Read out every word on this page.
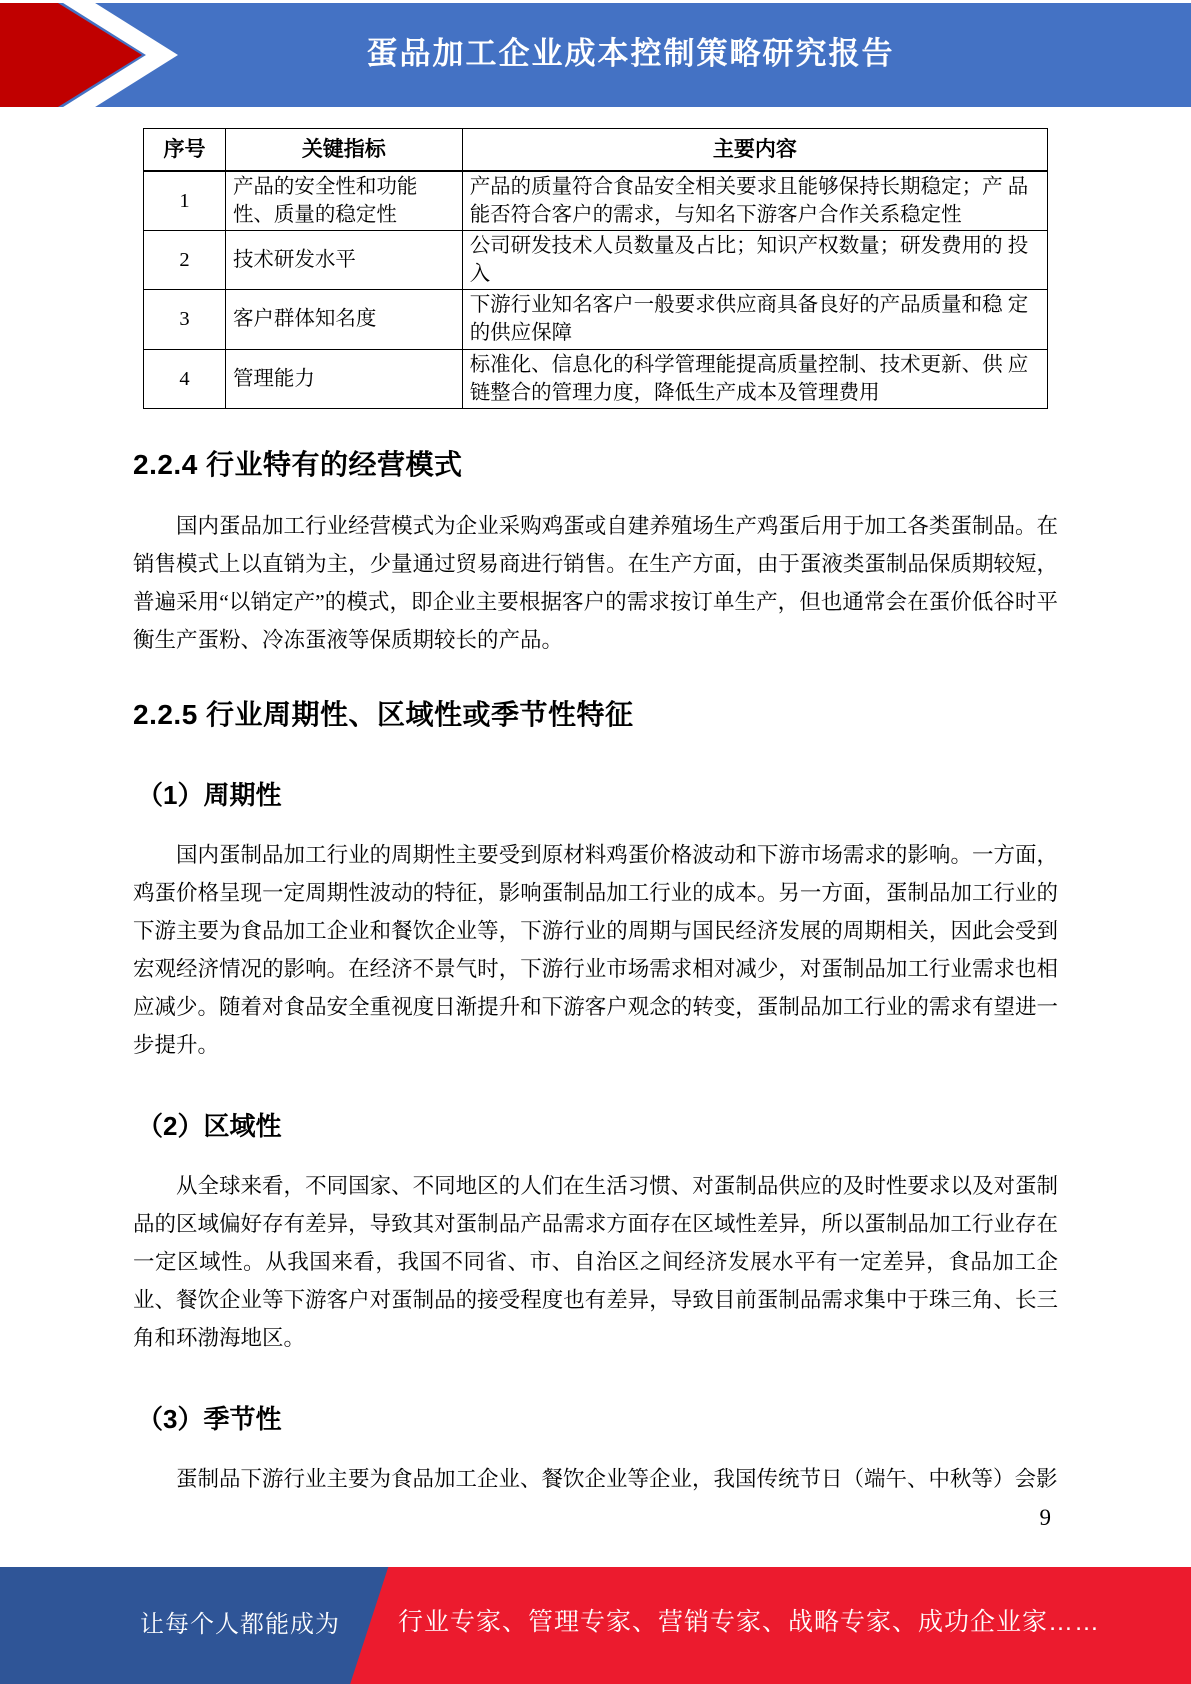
蛋品加工企业成本控制策略研究报告
序号	关键指标	主要内容
1	产品的安全性和功能 性、质量的稳定性	产品的质量符合食品安全相关要求且能够保持长期稳定；产 品能否符合客户的需求，与知名下游客户合作关系稳定性
2	技术研发水平	公司研发技术人员数量及占比；知识产权数量；研发费用的 投入
3	客户群体知名度	下游行业知名客户一般要求供应商具备良好的产品质量和稳 定的供应保障
4	管理能力	标准化、信息化的科学管理能提高质量控制、技术更新、供 应链整合的管理力度，降低生产成本及管理费用
2.2.4 行业特有的经营模式

国内蛋品加工行业经营模式为企业采购鸡蛋或自建养殖场生产鸡蛋后用于加工各类蛋制品。在销售模式上以直销为主，少量通过贸易商进行销售。在生产方面，由于蛋液类蛋制品保质期较短，普遍采用“以销定产”的模式，即企业主要根据客户的需求按订单生产，但也通常会在蛋价低谷时平衡生产蛋粉、冷冻蛋液等保质期较长的产品。

2.2.5 行业周期性、区域性或季节性特征
（1）周期性

国内蛋制品加工行业的周期性主要受到原材料鸡蛋价格波动和下游市场需求的影响。一方面，鸡蛋价格呈现一定周期性波动的特征，影响蛋制品加工行业的成本。另一方面，蛋制品加工行业的下游主要为食品加工企业和餐饮企业等，下游行业的周期与国民经济发展的周期相关，因此会受到宏观经济情况的影响。在经济不景气时，下游行业市场需求相对减少，对蛋制品加工行业需求也相应减少。随着对食品安全重视度日渐提升和下游客户观念的转变，蛋制品加工行业的需求有望进一步提升。

（2）区域性

从全球来看，不同国家、不同地区的人们在生活习惯、对蛋制品供应的及时性要求以及对蛋制品的区域偏好存有差异，导致其对蛋制品产品需求方面存在区域性差异，所以蛋制品加工行业存在一定区域性。从我国来看，我国不同省、市、自治区之间经济发展水平有一定差异，食品加工企业、餐饮企业等下游客户对蛋制品的接受程度也有差异，导致目前蛋制品需求集中于珠三角、长三角和环渤海地区。

（3）季节性

蛋制品下游行业主要为食品加工企业、餐饮企业等企业，我国传统节日（端午、中秋等）会影

9
让每个人都能成为 行业专家、管理专家、营销专家、战略专家、成功企业家……
